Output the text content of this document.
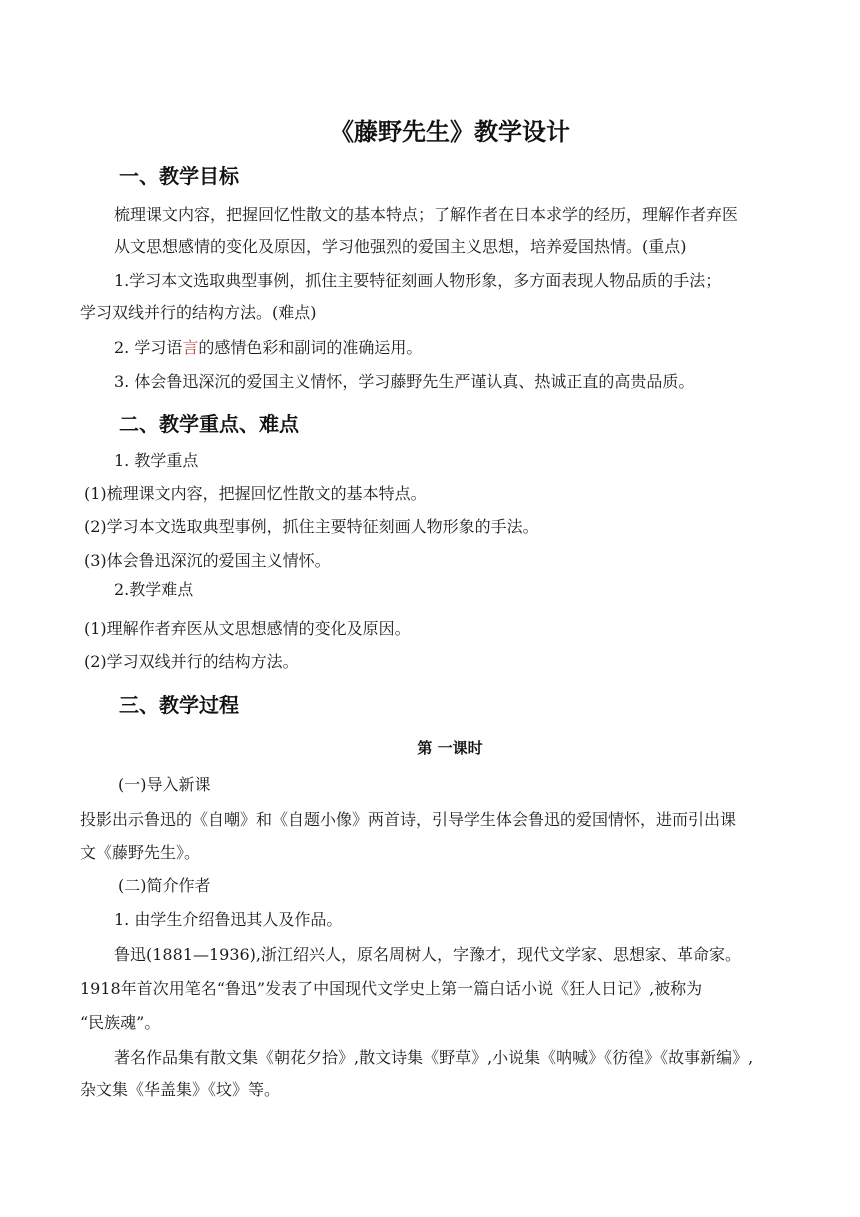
《藤野先生》教学设计
一、教学目标
梳理课文内容，把握回忆性散文的基本特点；了解作者在日本求学的经历，理解作者弃医
从文思想感情的变化及原因，学习他强烈的爱国主义思想，培养爱国热情。(重点)
1.学习本文选取典型事例，抓住主要特征刻画人物形象，多方面表现人物品质的手法；
学习双线并行的结构方法。(难点)
2. 学习语言的感情色彩和副词的准确运用。
3. 体会鲁迅深沉的爱国主义情怀，学习藤野先生严谨认真、热诚正直的高贵品质。
二、教学重点、难点
1. 教学重点
(1)梳理课文内容，把握回忆性散文的基本特点。
(2)学习本文选取典型事例，抓住主要特征刻画人物形象的手法。
(3)体会鲁迅深沉的爱国主义情怀。
2.教学难点
(1)理解作者弃医从文思想感情的变化及原因。
(2)学习双线并行的结构方法。
三、教学过程
第 一课时
(一)导入新课
投影出示鲁迅的《自嘲》和《自题小像》两首诗，引导学生体会鲁迅的爱国情怀，进而引出课
文《藤野先生》。
(二)简介作者
1. 由学生介绍鲁迅其人及作品。
鲁迅(1881—1936),浙江绍兴人，原名周树人，字豫才，现代文学家、思想家、革命家。
1918年首次用笔名“鲁迅”发表了中国现代文学史上第一篇白话小说《狂人日记》,被称为
“民族魂”。
著名作品集有散文集《朝花夕拾》,散文诗集《野草》,小说集《呐喊》《彷徨》《故事新编》,
杂文集《华盖集》《坟》等。
